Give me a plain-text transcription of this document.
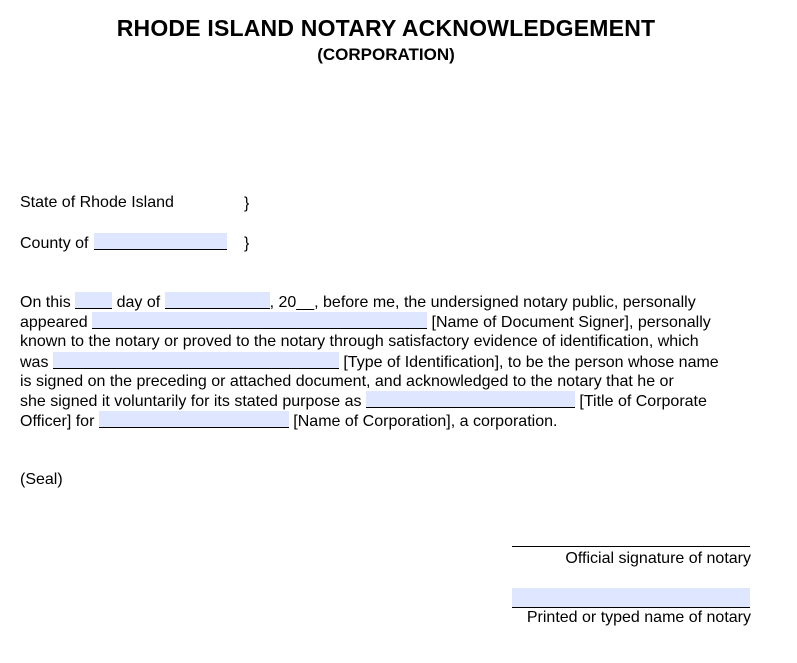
RHODE ISLAND NOTARY ACKNOWLEDGEMENT
(CORPORATION)
State of Rhode Island	}
County of	}
On this	day of	, 20__, before me, the undersigned notary public, personally
appeared	[Name of Document Signer], personally
known to the notary or proved to the notary through satisfactory evidence of identification, which
was	[Type of Identification], to be the person whose name
is signed on the preceding or attached document, and acknowledged to the notary that he or
she signed it voluntarily for its stated purpose as	[Title of Corporate
Officer] for	[Name of Corporation], a corporation.
(Seal)
Official signature of notary
Printed or typed name of notary
